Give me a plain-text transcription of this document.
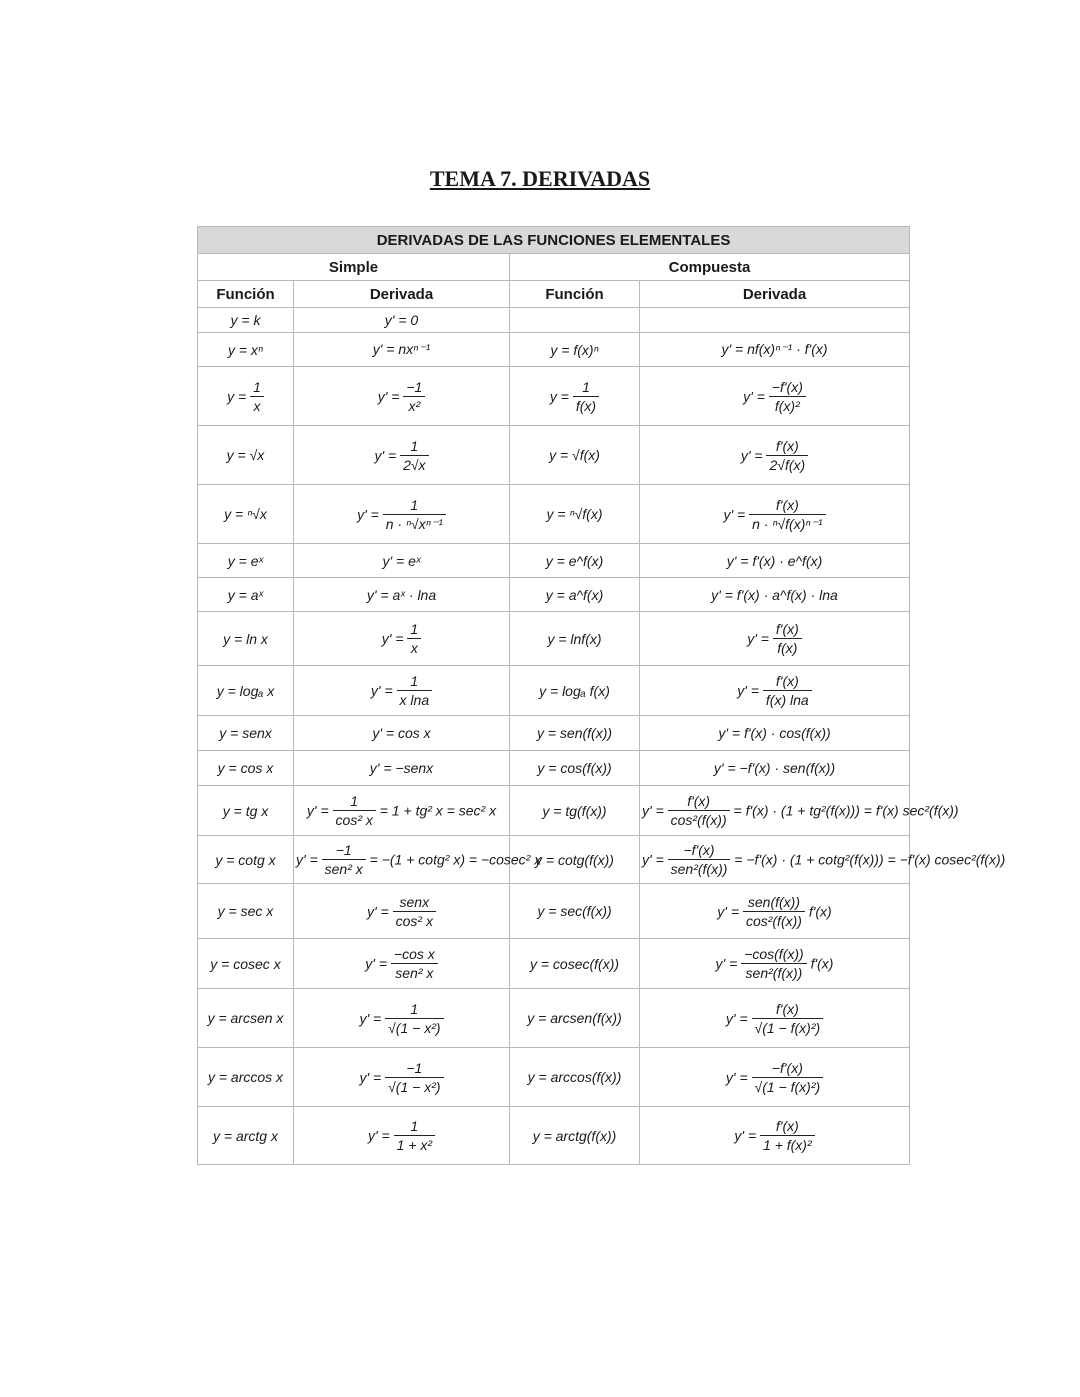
TEMA 7. DERIVADAS
DERIVADAS DE LAS FUNCIONES ELEMENTALES			
Simple		Compuesta	
Función	Derivada	Función	Derivada
y = k	y' = 0		
y = xⁿ	y' = nxⁿ⁻¹	y = f(x)ⁿ	y' = nf(x)ⁿ⁻¹ · f'(x)
$y = \frac{1}{x}$	$y' = \frac{-1}{\text{x²}}$	$y = \frac{1}{f(x)}$	$y' = \frac{-f'(x)}{\text{f(x)²}}$

y = √x	$y' = \frac{1}{2√x}$	y = √f(x)	$y' = \frac{f'(x)}{2√f(x)}$

y = ⁿ√x	$y' = \frac{1}{\text{n · ⁿ√xⁿ⁻¹}}$	y = ⁿ√f(x)	$y' = \frac{f'(x)}{\text{n · ⁿ√f(x)ⁿ⁻¹}}$

y = eˣ	y' = eˣ	y = e^f(x)	y' = f'(x) · e^f(x)
y = aˣ	y' = aˣ · lna	y = a^f(x)	y' = f'(x) · a^f(x) · lna
y = ln x	$y' = \frac{1}{x}$	y = lnf(x)	$y' = \frac{f'(x)}{f(x)}$

y = logₐ x	$y' = \frac{1}{\text{x lna}}$	y = logₐ f(x)	$y' = \frac{f'(x)}{f(x) \ln a}$

y = senx	y' = cos x	y = sen(f(x))	y' = f'(x) · cos(f(x))
y = cos x	y' = −senx	y = cos(f(x))	y' = −f'(x) · sen(f(x))
y = tg x	$y' = \frac{1}{\text{cos² x}} = 1 + tg^2$ x = sec² x	y = tg(f(x))	$y' = \frac{f'(x)}{\text{cos²(f(x))}} = f'(x) \cdot (1 + tg^2(f(x))) = f'(x)$ sec²(f(x))
y = cotg x	$y' = \frac{-1}{\text{sen² x}} = -(1 + \cot g^2$ x) = −cosec² x	y = cotg(f(x))	$y' = \frac{-f'(x)}{\text{sen²(f(x))}} = -f'(x) \cdot (1 + \cot g^2(f(x))) = -f'(x)$ cosec²(f(x))
y = sec x	$y' = \frac{\text{senx}}{\text{cos² x}}$	y = sec(f(x))	$y' = \frac{\text{sen(f(x))}}{\text{cos²(f(x))}} f'(x)$
y = cosec x	$y' = \frac{\text{−cos x}}{\text{sen² x}}$	y = cosec(f(x))	$y' = \frac{-\cos(f(x))}{\text{sen²(f(x))}} f'(x)$
y = arcsen x	$y' = \frac{1}{\text{√(1 − x²)}}$	y = arcsen(f(x))	$y' = \frac{f'(x)}{\text{√(1 − f(x)²)}}$

y = arccos x	$y' = \frac{-1}{\text{√(1 − x²)}}$	y = arccos(f(x))	$y' = \frac{-f'(x)}{\text{√(1 − f(x)²)}}$

y = arctg x	$y' = \frac{1}{\text{1 + x²}}$	y = arctg(f(x))	$y' = \frac{f'(x)}{\text{1 + f(x)²}}$
